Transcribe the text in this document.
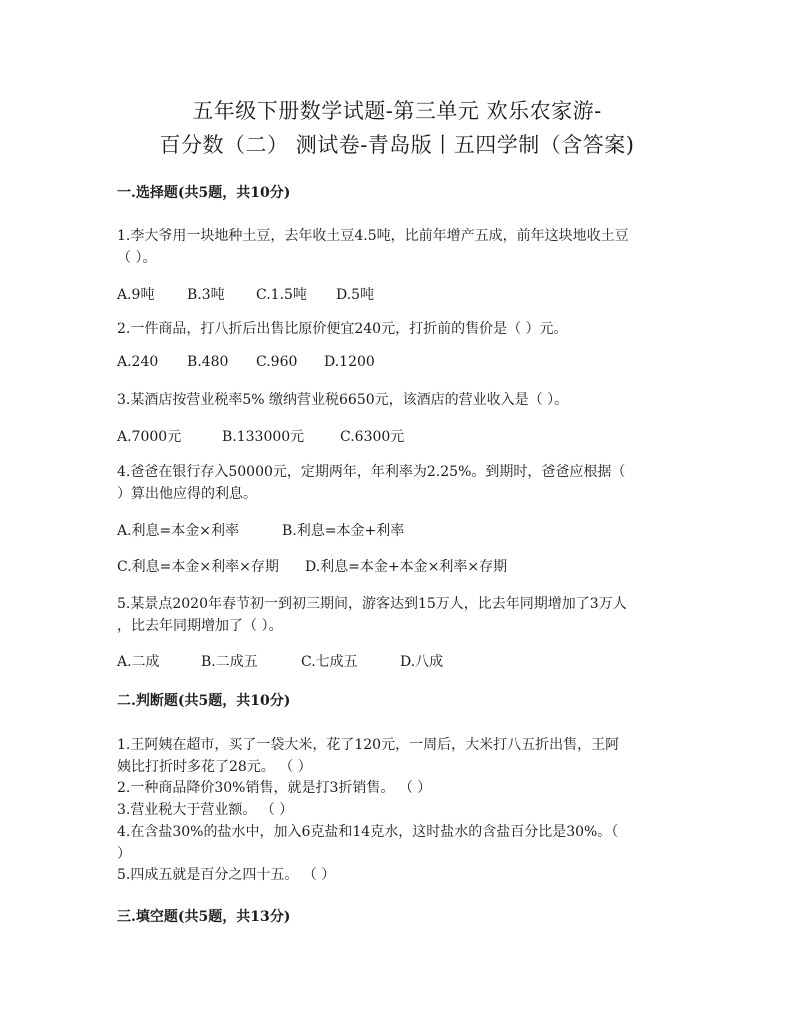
五年级下册数学试题-第三单元 欢乐农家游-
百分数（二） 测试卷-青岛版丨五四学制（含答案)
一.选择题(共5题，共10分)
1.李大爷用一块地种土豆，去年收土豆4.5吨，比前年增产五成，前年这块地收土豆
（ ）。
A.9吨 B.3吨 C.1.5吨 D.5吨
2.一件商品，打八折后出售比原价便宜240元，打折前的售价是（ ）元。
A.240 B.480 C.960 D.1200
3.某酒店按营业税率5% 缴纳营业税6650元，该酒店的营业收入是（ ）。
A.7000元	B.133000元	C.6300元
4.爸爸在银行存入50000元，定期两年，年利率为2.25%。到期时，爸爸应根据（
）算出他应得的利息。
A.利息=本金×利率	B.利息=本金+利率
C.利息=本金×利率×存期 D.利息=本金+本金×利率×存期
5.某景点2020年春节初一到初三期间，游客达到15万人，比去年同期增加了3万人
，比去年同期增加了（ ）。
A.二成	B.二成五	C.七成五	D.八成
二.判断题(共5题，共10分)
1.王阿姨在超市，买了一袋大米，花了120元，一周后，大米打八五折出售，王阿
姨比打折时多花了28元。 （ ）
2.一种商品降价30%销售，就是打3折销售。 （ ）
3.营业税大于营业额。 （ ）
4.在含盐30%的盐水中，加入6克盐和14克水，这时盐水的含盐百分比是30%。（
）
5.四成五就是百分之四十五。 （ ）
三.填空题(共5题，共13分)
